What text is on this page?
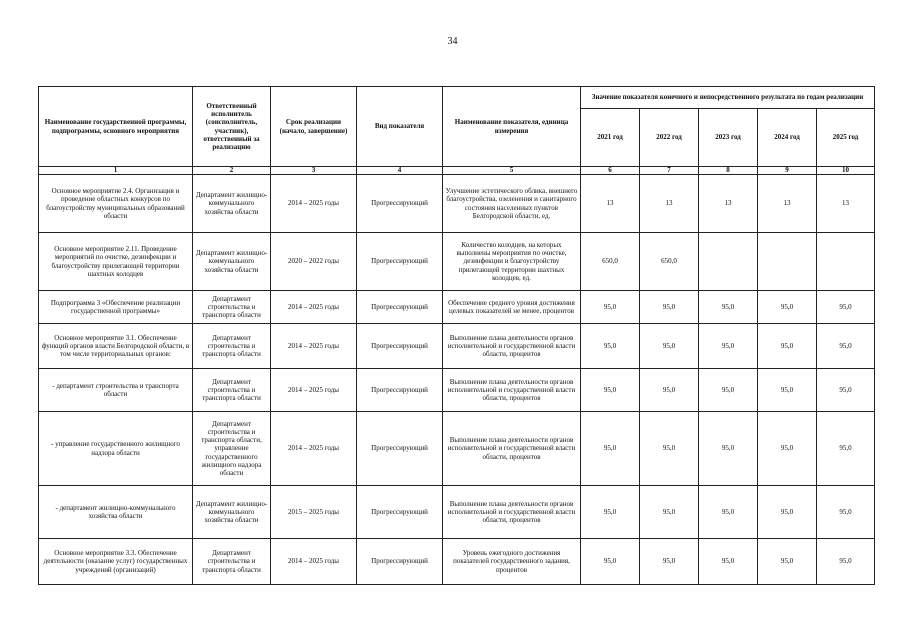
34
Наименование государственной программы, подпрограммы, основного мероприятия	Ответственный исполнитель (соисполнитель, участник), ответственный за реализацию	Срок реализации (начало, завершение)	Вид показателя	Наименование показателя, единица измерения	Значение показателя конечного и непосредственного результата по годам реализации				
					2021 год	2022 год	2023 год	2024 год	2025 год
1	2	3	4	5	6	7	8	9	10
Основное мероприятие 2.4. Организация и проведение областных конкурсов по благоустройству муниципальных образований области	Департамент жилищно-коммунального хозяйства области	2014 – 2025 годы	Прогрессирующий	Улучшение эстетического облика, внешнего благоустройства, озеленения и санитарного состояния населенных пунктов Белгородской области, ед.	13	13	13	13	13
Основное мероприятие 2.11. Проведение мероприятий по очистке, дезинфекции и благоустройству прилегающей территории шахтных колодцев	Департамент жилищно-коммунального хозяйства области	2020 – 2022 годы	Прогрессирующий	Количество колодцев, на которых выполнены мероприятия по очистке, дезинфекции и благоустройству прилегающей территории шахтных колодцев, ед.	650,0	650,0			
Подпрограмма 3 «Обеспечение реализации государственной программы»	Департамент строительства и транспорта области	2014 – 2025 годы	Прогрессирующий	Обеспечение среднего уровня достижения целевых показателей не менее, процентов	95,0	95,0	95,0	95,0	95,0
Основное мероприятие 3.1. Обеспечение функций органов власти Белгородской области, в том числе территориальных органов:	Департамент строительства и транспорта области	2014 – 2025 годы	Прогрессирующий	Выполнение плана деятельности органов исполнительной и государственной власти области, процентов	95,0	95,0	95,0	95,0	95,0
- департамент строительства и транспорта области	Департамент строительства и транспорта области	2014 – 2025 годы	Прогрессирующий	Выполнение плана деятельности органов исполнительной и государственной власти области, процентов	95,0	95,0	95,0	95,0	95,0
- управление государственного жилищного надзора области	Департамент строительства и транспорта области, управление государственного жилищного надзора области	2014 – 2025 годы	Прогрессирующий	Выполнение плана деятельности органов исполнительной и государственной власти области, процентов	95,0	95,0	95,0	95,0	95,0
- департамент жилищно-коммунального хозяйства области	Департамент жилищно-коммунального хозяйства области	2015 – 2025 годы	Прогрессирующий	Выполнение плана деятельности органов исполнительной и государственной власти области, процентов	95,0	95,0	95,0	95,0	95,0
Основное мероприятие 3.3. Обеспечение деятельности (оказание услуг) государственных учреждений (организаций)	Департамент строительства и транспорта области	2014 – 2025 годы	Прогрессирующий	Уровень ежегодного достижения показателей государственного задания, процентов	95,0	95,0	95,0	95,0	95,0
